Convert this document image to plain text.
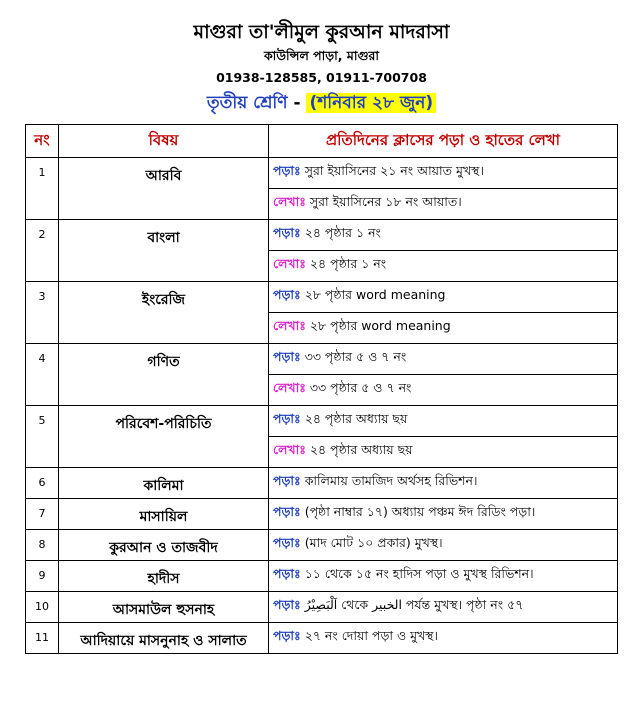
মাগুরা তা'লীমুল কুরআন মাদরাসা
কাউন্সিল পাড়া, মাগুরা
01938-128585, 01911-700708
তৃতীয় শ্রেণি - (শনিবার ২৮ জুন)
নং	বিষয়	প্রতিদিনের ক্লাসের পড়া ও হাতের লেখা
1	আরবি	পড়াঃ সুরা ইয়াসিনের ২১ নং আয়াত মুখস্থ।
		লেখাঃ সুরা ইয়াসিনের ১৮ নং আয়াত।
2	বাংলা	পড়াঃ ২৪ পৃষ্ঠার ১ নং
		লেখাঃ ২৪ পৃষ্ঠার ১ নং
3	ইংরেজি	পড়াঃ ২৮ পৃষ্ঠার word meaning
		লেখাঃ ২৮ পৃষ্ঠার word meaning
4	গণিত	পড়াঃ ৩৩ পৃষ্ঠার ৫ ও ৭ নং
		লেখাঃ ৩৩ পৃষ্ঠার ৫ ও ৭ নং
5	পরিবেশ-পরিচিতি	পড়াঃ ২৪ পৃষ্ঠার অধ্যায় ছয়
		লেখাঃ ২৪ পৃষ্ঠার অধ্যায় ছয়
6	কালিমা	পড়াঃ কালিমায় তামজিদ অর্থসহ রিভিশন।
7	মাসায়িল	পড়াঃ (পৃষ্ঠা নাম্বার ১৭) অধ্যায় পঞ্চম ঈদ রিডিং পড়া।
8	কুরআন ও তাজবীদ	পড়াঃ (মাদ মোট ১০ প্রকার) মুখস্থ।
9	হাদীস	পড়াঃ ১১ থেকে ১৫ নং হাদিস পড়া ও মুখস্থ রিভিশন।
10	আসমাউল হুসনাহ	পড়াঃ اَلْبَصِيْرُ থেকে الخبير পর্যন্ত মুখস্থ। পৃষ্ঠা নং ৫৭
11	আদিয়ায়ে মাসনুনাহ ও সালাত	পড়াঃ ২৭ নং দোয়া পড়া ও মুখস্থ।
